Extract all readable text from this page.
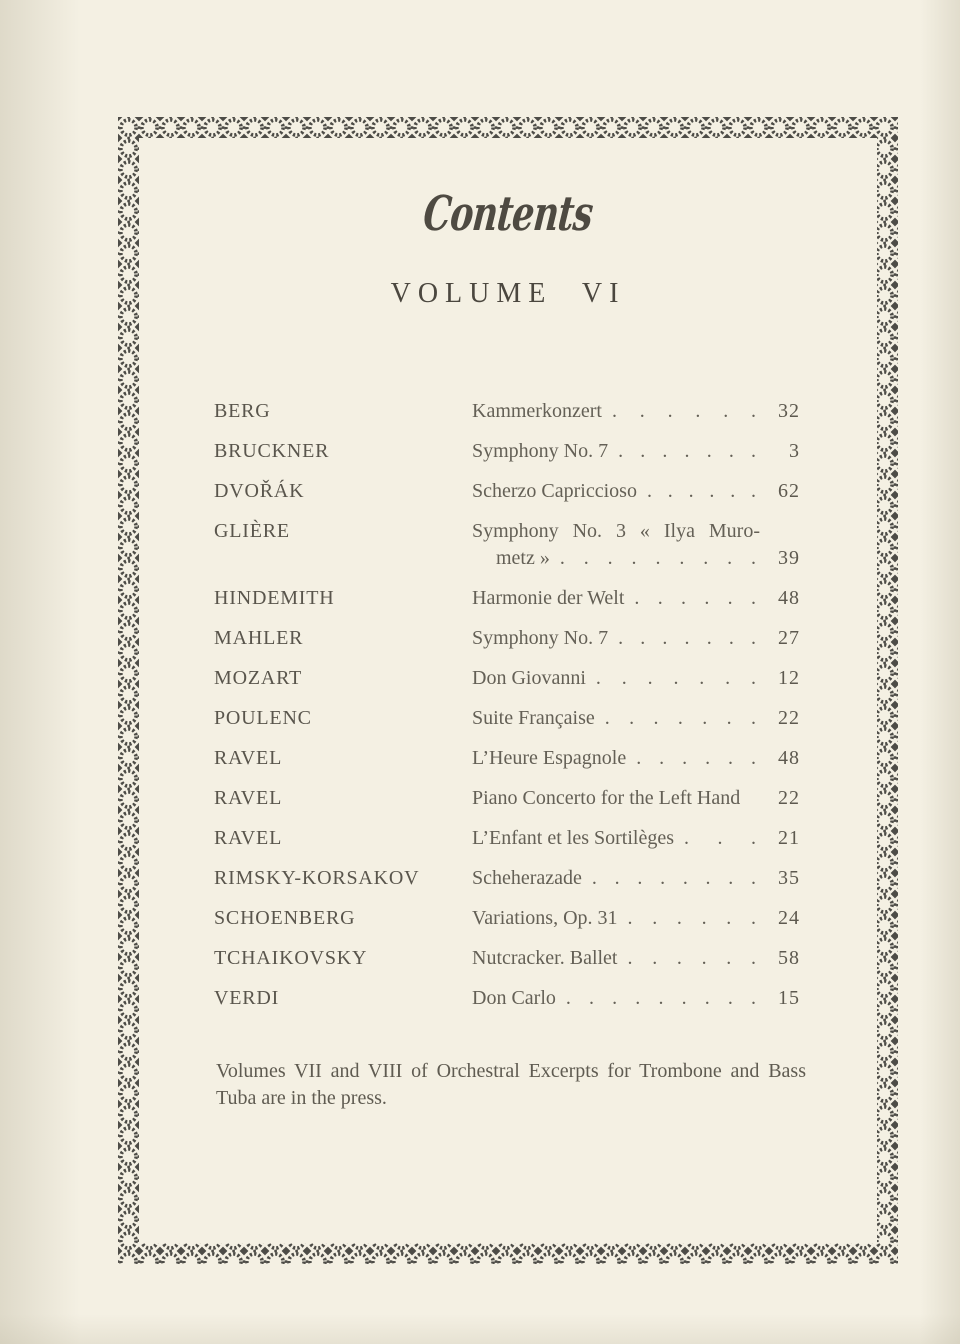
Contents
VOLUME VI
BERG	Kammerkonzert . . . . . .	32
BRUCKNER	Symphony No. 7 . . . . . . .	3
DVOŘÁK	Scherzo Capriccioso . . . . . .	62
GLIÈRE	Symphony No. 3 « Ilya Muro-
metz » . . . . . . . . .	39
HINDEMITH	Harmonie der Welt . . . . . .	48
MAHLER	Symphony No. 7 . . . . . . .	27
MOZART	Don Giovanni . . . . . . .	12
POULENC	Suite Française . . . . . . .	22
RAVEL	L’Heure Espagnole . . . . . .	48
RAVEL	Piano Concerto for the Left Hand	22
RAVEL	L’Enfant et les Sortilèges . . .	21
RIMSKY-KORSAKOV	Scheherazade . . . . . . . .	35
SCHOENBERG	Variations, Op. 31 . . . . . .	24
TCHAIKOVSKY	Nutcracker. Ballet . . . . . .	58
VERDI	Don Carlo . . . . . . . . .	15
Volumes VII and VIII of Orchestral Excerpts for Trombone and Bass Tuba are in the press.
